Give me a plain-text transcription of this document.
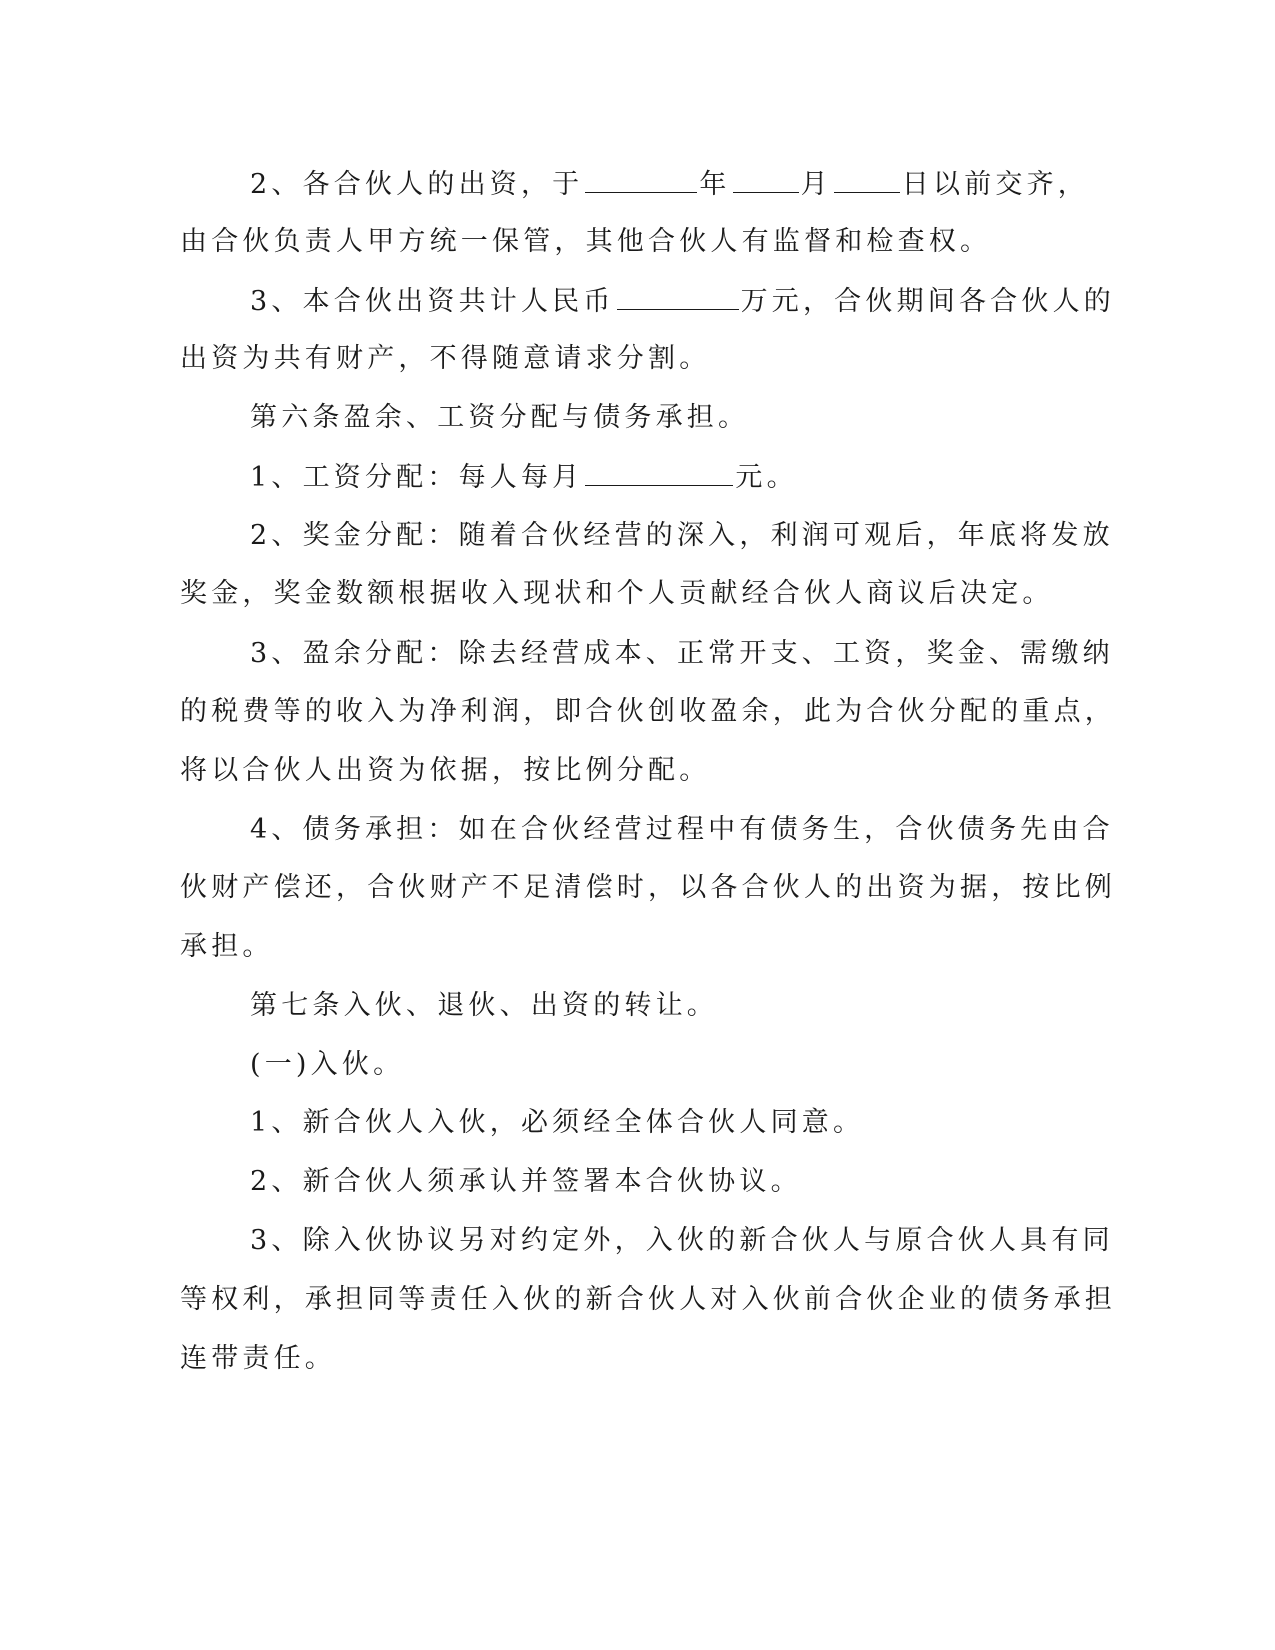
2、各合伙人的出资，于	年	月	日以前交齐，
由合伙负责人甲方统一保管，其他合伙人有监督和检查权。
3、本合伙出资共计人民币	万元，合伙期间各合伙人的
出资为共有财产，不得随意请求分割。
第六条盈余、工资分配与债务承担。
1、工资分配：每人每月	元。
2、奖金分配：随着合伙经营的深入，利润可观后，年底将发放
奖金，奖金数额根据收入现状和个人贡献经合伙人商议后决定。
3、盈余分配：除去经营成本、正常开支、工资，奖金、需缴纳
的税费等的收入为净利润，即合伙创收盈余，此为合伙分配的重点，
将以合伙人出资为依据，按比例分配。
4、债务承担：如在合伙经营过程中有债务生，合伙债务先由合
伙财产偿还，合伙财产不足清偿时，以各合伙人的出资为据，按比例
承担。
第七条入伙、退伙、出资的转让。
(一)入伙。
1、新合伙人入伙，必须经全体合伙人同意。
2、新合伙人须承认并签署本合伙协议。
3、除入伙协议另对约定外，入伙的新合伙人与原合伙人具有同
等权利，承担同等责任入伙的新合伙人对入伙前合伙企业的债务承担
连带责任。
